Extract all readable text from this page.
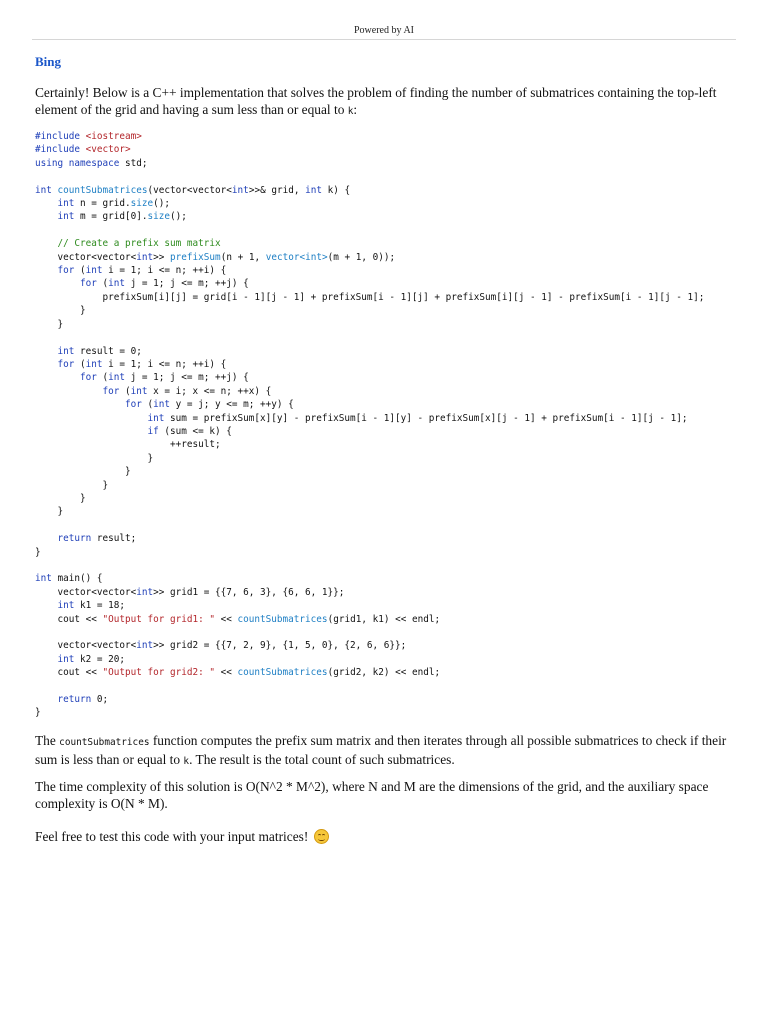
Powered by AI
Bing
Certainly! Below is a C++ implementation that solves the problem of finding the number of submatrices containing the top-left element of the grid and having a sum less than or equal to k:
#include <iostream>
#include <vector>
using namespace std;

int countSubmatrices(vector<vector<int>>& grid, int k) {
int n = grid.size();
int m = grid[0].size();

// Create a prefix sum matrix
vector<vector<int>> prefixSum(n + 1, vector<int>(m + 1, 0));
for (int i = 1; i <= n; ++i) {
for (int j = 1; j <= m; ++j) {
prefixSum[i][j] = grid[i - 1][j - 1] + prefixSum[i - 1][j] + prefixSum[i][j - 1] - prefixSum[i - 1][j - 1];
}
}

int result = 0;
for (int i = 1; i <= n; ++i) {
for (int j = 1; j <= m; ++j) {
for (int x = i; x <= n; ++x) {
for (int y = j; y <= m; ++y) {
int sum = prefixSum[x][y] - prefixSum[i - 1][y] - prefixSum[x][j - 1] + prefixSum[i - 1][j - 1];
if (sum <= k) {
++result;
}
}
}
}
}

return result;
}

int main() {
vector<vector<int>> grid1 = {{7, 6, 3}, {6, 6, 1}};
int k1 = 18;
cout << "Output for grid1: " << countSubmatrices(grid1, k1) << endl;

vector<vector<int>> grid2 = {{7, 2, 9}, {1, 5, 0}, {2, 6, 6}};
int k2 = 20;
cout << "Output for grid2: " << countSubmatrices(grid2, k2) << endl;

return 0;
}
The countSubmatrices function computes the prefix sum matrix and then iterates through all possible submatrices to check if their sum is less than or equal to k. The result is the total count of such submatrices.
The time complexity of this solution is O(N^2 * M^2), where N and M are the dimensions of the grid, and the auxiliary space complexity is O(N * M).
Feel free to test this code with your input matrices!
